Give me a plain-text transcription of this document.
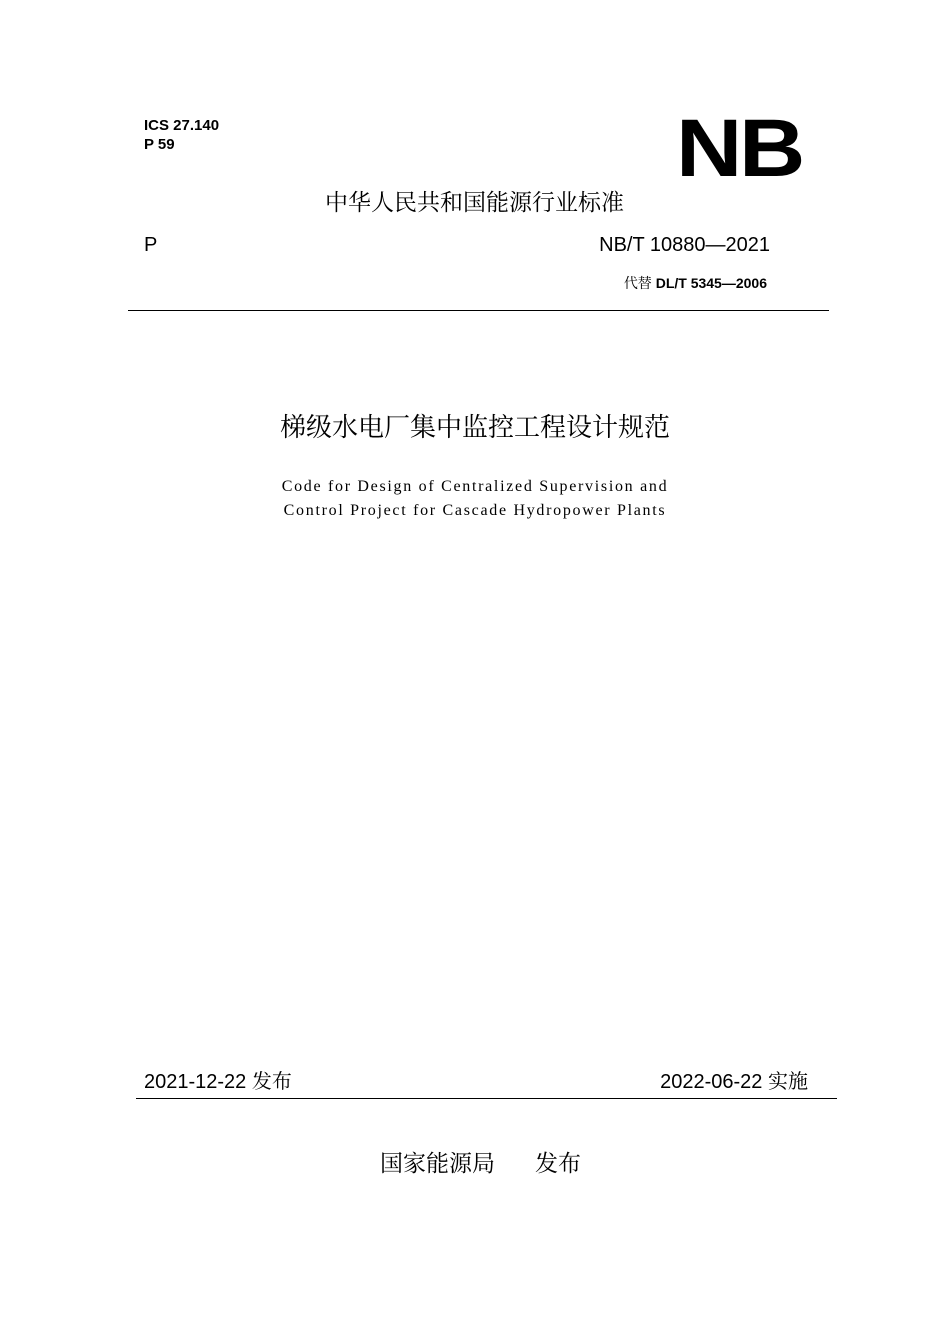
ICS 27.140
P 59	NB
中华人民共和国能源行业标准
P	NB/T 10880—2021
代替 DL/T 5345—2006
梯级水电厂集中监控工程设计规范
Code for Design of Centralized Supervision and
Control Project for Cascade Hydropower Plants
2021-12-22 发布	2022-06-22 实施
国家能源局 发布
